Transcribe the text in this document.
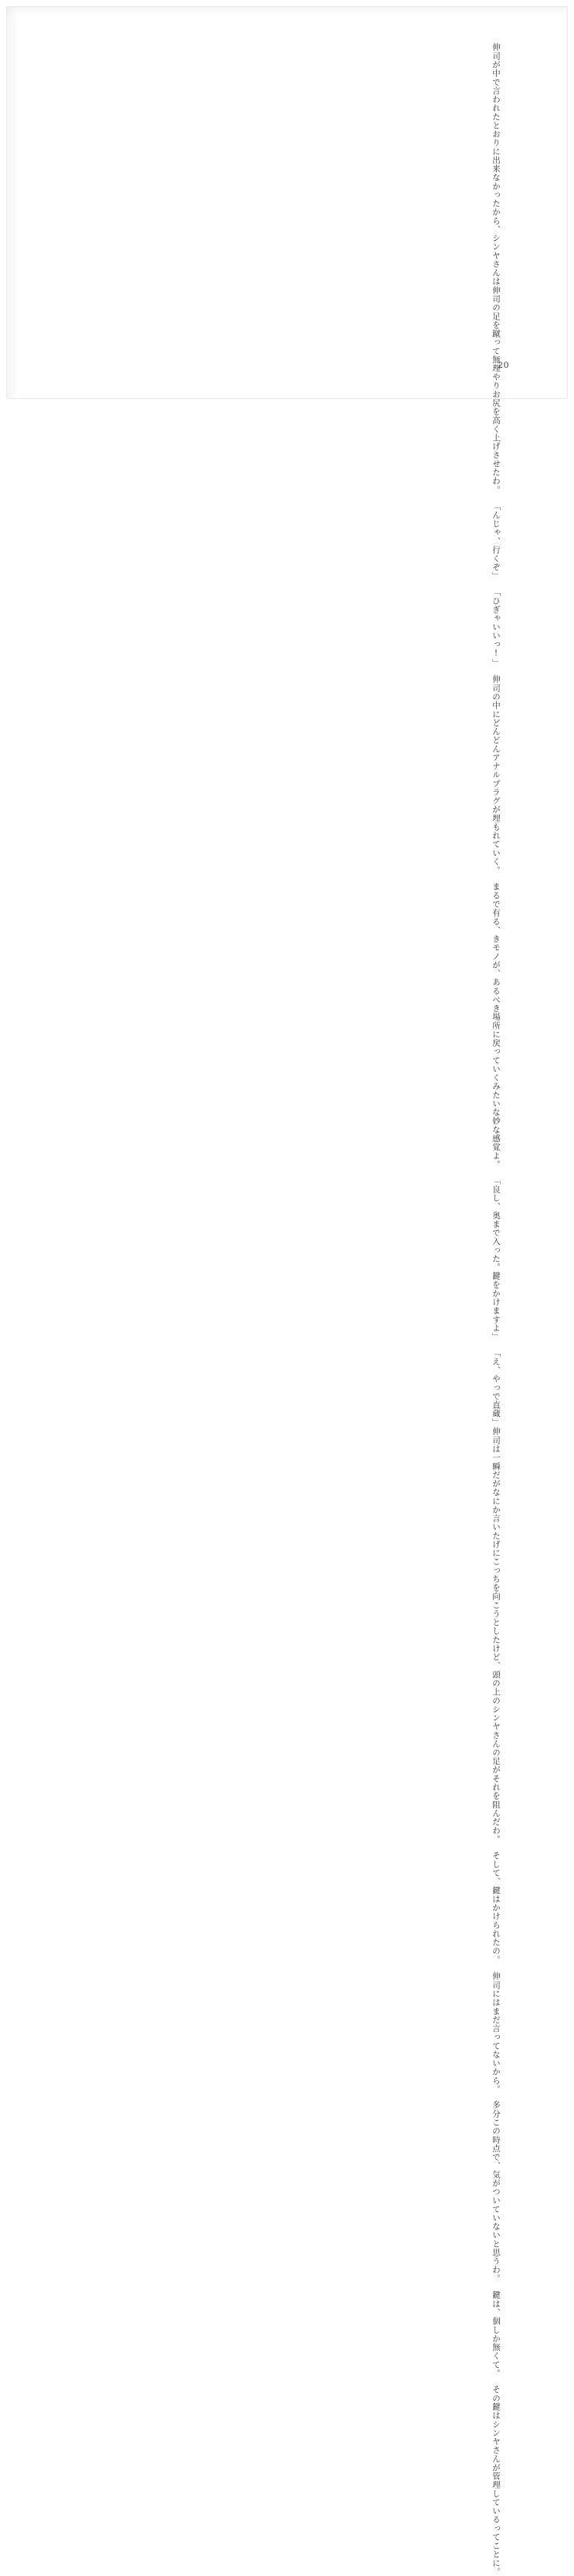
伸司が中で言われたとおりに出来なかったから、シンヤさんは伸司の足を蹴って無理や
りお尻を高く上げさせたわ。
「んじゃ、行くぞ」
「ひぎゃいいっ!」
伸司の中にどんどんアナルプラグが埋もれていく。
まるで有る、きモノが、あるべき場所に戻っていくみたいな妙な感覚よ。
「良し、奥まで入った。鍵をかけますよ」
「え、やっで直蔵」
伸司は一瞬だがなにか言いたげにこっちを向こうとしたけど、頭の上のシンヤさんの足
がそれを阻んだわ。
そして、鍵はかけられたの。
伸司にはまだ言ってないから。
多分この時点で、気がついていないと思うわ。
鍵は、個しか無くて。
その鍵はシンヤさんが管理しているってことに。
20
